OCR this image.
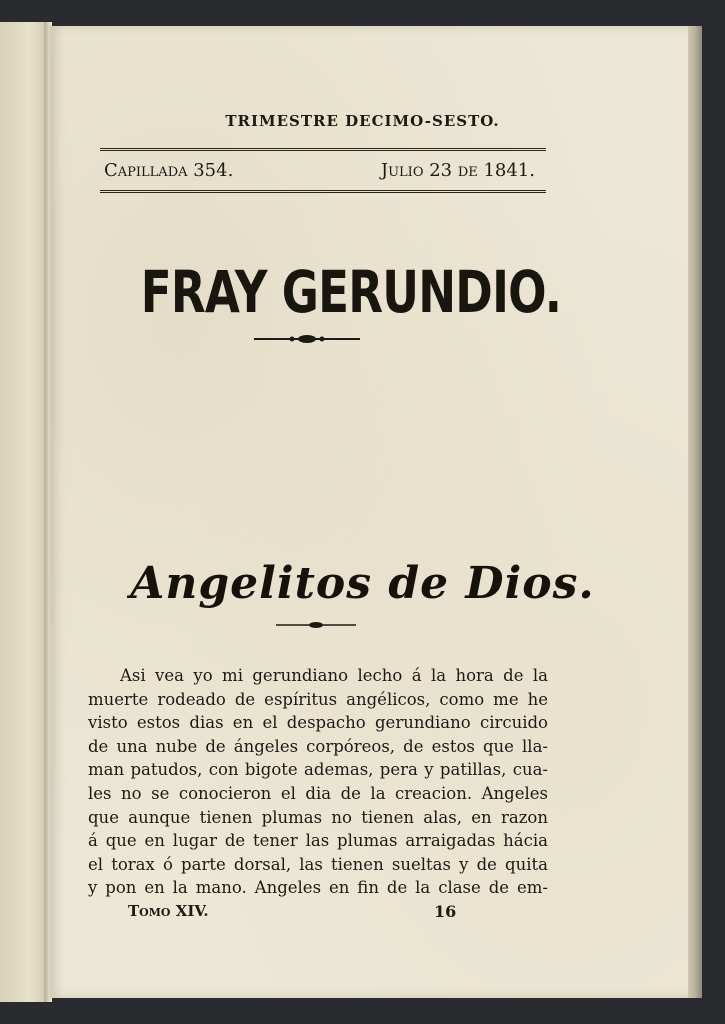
TRIMESTRE DECIMO-SESTO.
Capillada 354.	Julio 23 de 1841.
FRAY GERUNDIO.
Angelitos de Dios.
Asi vea yo mi gerundiano lecho á la hora de la
muerte rodeado de espíritus angélicos, como me he
visto estos dias en el despacho gerundiano circuido
de una nube de ángeles corpóreos, de estos que lla-
man patudos, con bigote ademas, pera y patillas, cua-
les no se conocieron el dia de la creacion. Angeles
que aunque tienen plumas no tienen alas, en razon
á que en lugar de tener las plumas arraigadas hácia
el torax ó parte dorsal, las tienen sueltas y de quita
y pon en la mano. Angeles en fin de la clase de em-
Tomo XIV.	16
